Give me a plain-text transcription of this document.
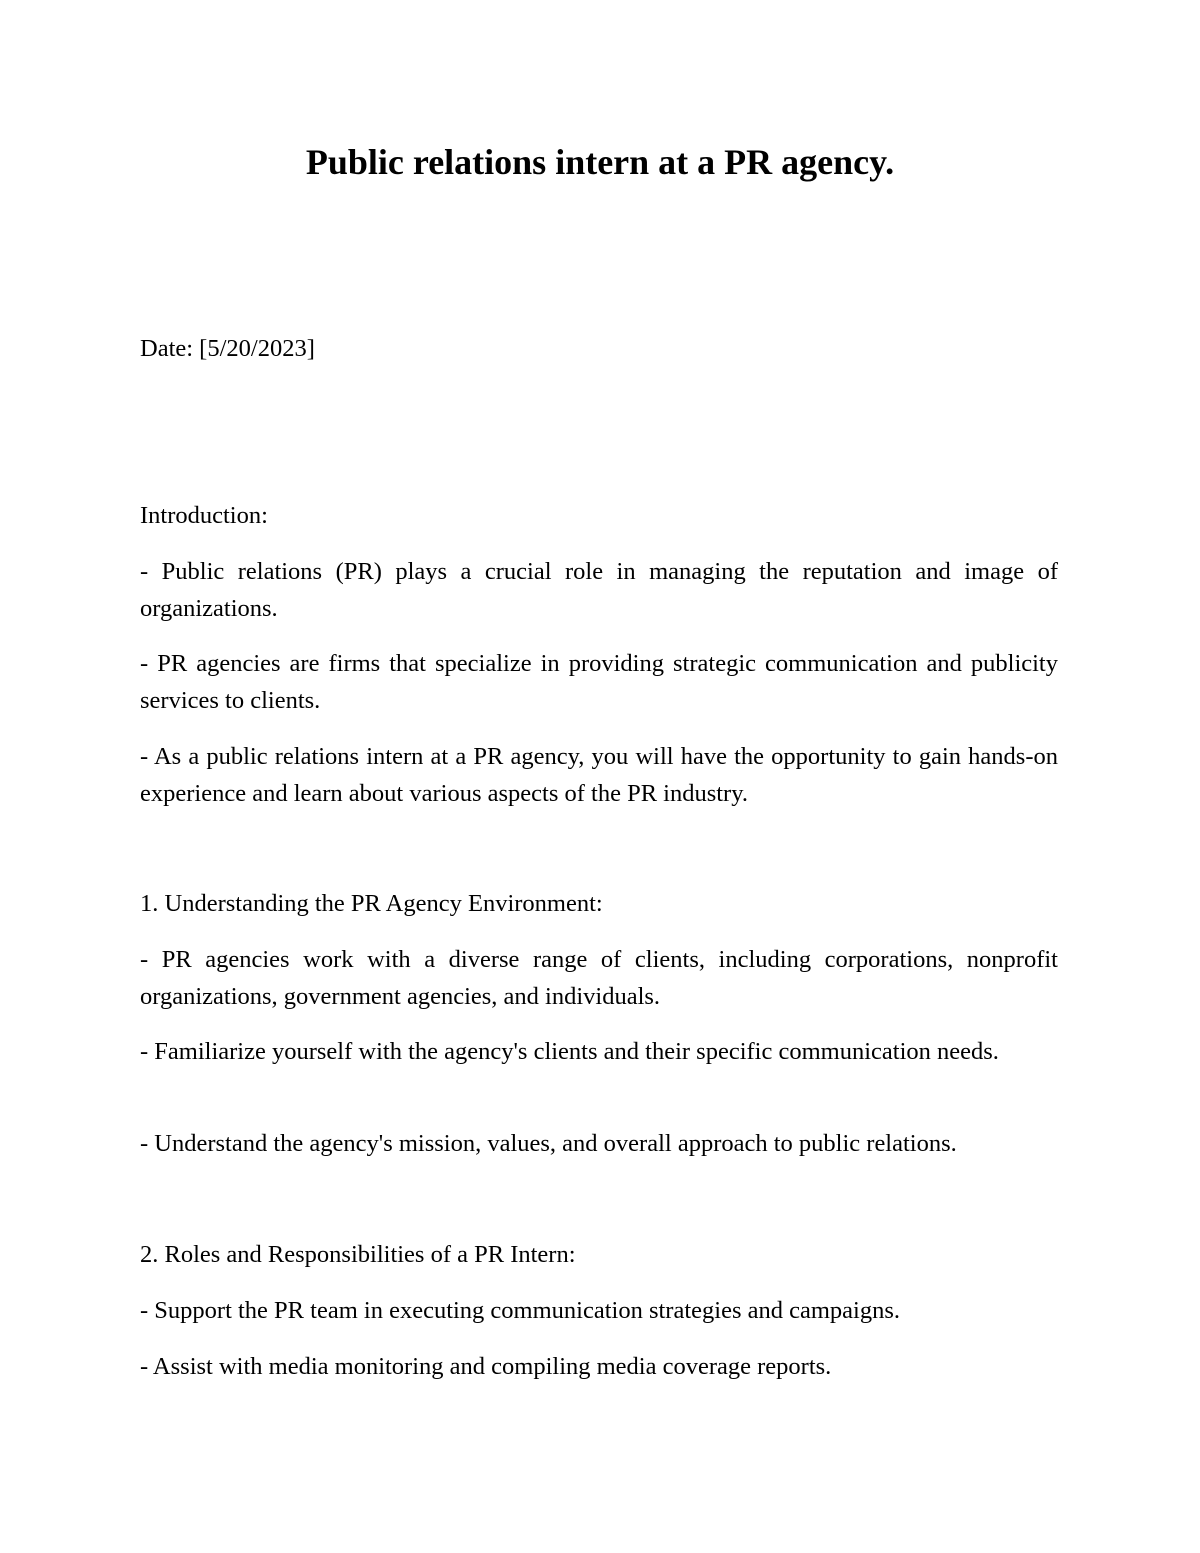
Public relations intern at a PR agency.

Date: [5/20/2023]

Introduction:

- Public relations (PR) plays a crucial role in managing the reputation and image of organizations.

- PR agencies are firms that specialize in providing strategic communication and publicity services to clients.

- As a public relations intern at a PR agency, you will have the opportunity to gain hands-on experience and learn about various aspects of the PR industry.

1. Understanding the PR Agency Environment:

- PR agencies work with a diverse range of clients, including corporations, nonprofit organizations, government agencies, and individuals.

- Familiarize yourself with the agency's clients and their specific communication needs.

- Understand the agency's mission, values, and overall approach to public relations.

2. Roles and Responsibilities of a PR Intern:

- Support the PR team in executing communication strategies and campaigns.

- Assist with media monitoring and compiling media coverage reports.
